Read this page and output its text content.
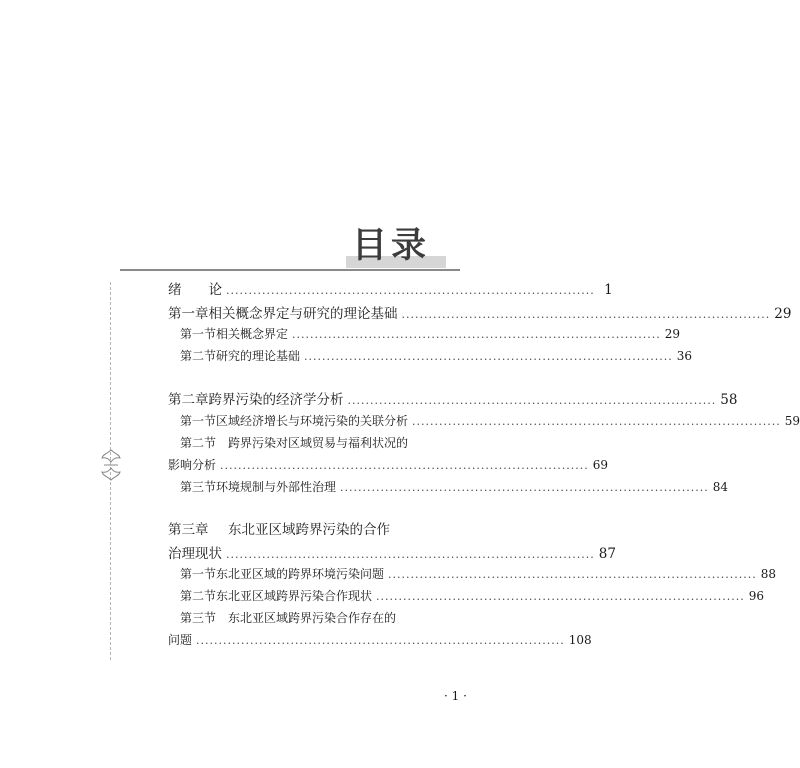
目录
绪　　论 .................................................................................. 1
第一章 相关概念界定与研究的理论基础 .................................................................................. 29
第一节 相关概念界定 .................................................................................. 29
第二节 研究的理论基础 .................................................................................. 36
第二章 跨界污染的经济学分析 .................................................................................. 58
第一节 区域经济增长与环境污染的关联分析 .................................................................................. 59
第二节 跨界污染对区域贸易与福利状况的
影响分析 .................................................................................. 69
第三节 环境规制与外部性治理 .................................................................................. 84
第三章	东北亚区域跨界污染的合作
治理现状 .................................................................................. 87
第一节 东北亚区域的跨界环境污染问题 .................................................................................. 88
第二节 东北亚区域跨界污染合作现状 .................................................................................. 96
第三节 东北亚区域跨界污染合作存在的
问题 .................................................................................. 108
· 1 ·
